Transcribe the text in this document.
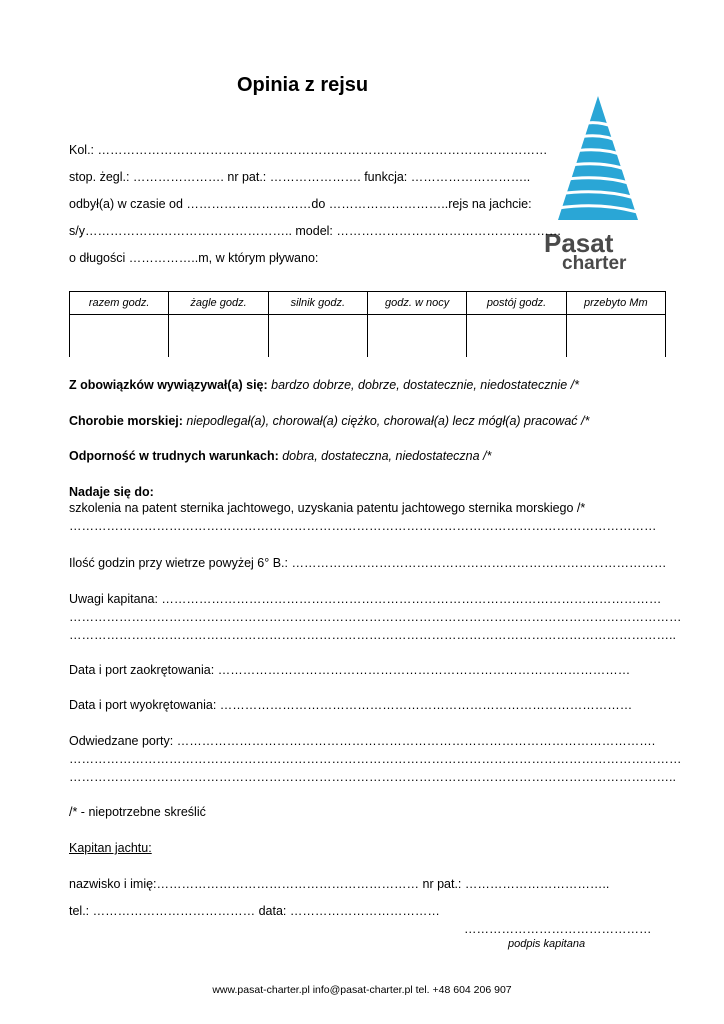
Opinia z rejsu
Pasat
charter
Kol.: ………………………………………………………………………………………………
stop. żegl.: …………………. nr pat.: …………………. funkcja: ………………………..
odbył(a) w czasie od …………………………do ………………………..rejs na jachcie:
s/y………………………………………….. model: ………………………………………………
o długości ……………..m, w którym pływano:
razem godz.	żagle godz.	silnik godz.	godz. w nocy	postój godz.	przebyto Mm

Z obowiązków wywiązywał(a) się: bardzo dobrze, dobrze, dostatecznie, niedostatecznie /*
Chorobie morskiej: niepodlegał(a), chorował(a) ciężko, chorował(a) lecz mógł(a) pracować /*
Odporność w trudnych warunkach: dobra, dostateczna, niedostateczna /*
Nadaje się do:
szkolenia na patent sternika jachtowego, uzyskania patentu jachtowego sternika morskiego /*
……………………………………………………………………………………………………………………………
Ilość godzin przy wietrze powyżej 6° B.: ………………………………………………………………………………
Uwagi kapitana: …………………………………………………………………………………………………………
…………………………………………………………………………………………………………………………………
………………………………………………………………………………………………………………………………..
Data i port zaokrętowania: ………………………………………………………………………………………
Data i port wyokrętowania: ………………………………………………………………………………………
Odwiedzane porty: …………………………………………………………………………………………………….
…………………………………………………………………………………………………………………………………
………………………………………………………………………………………………………………………………..
/* - niepotrzebne skreślić
Kapitan jachtu:
nazwisko i imię:……………………………………………………… nr pat.: ……………………………..
tel.: ………………………………… data: ………………………………
………………………………………
podpis kapitana
www.pasat-charter.pl info@pasat-charter.pl tel. +48 604 206 907
